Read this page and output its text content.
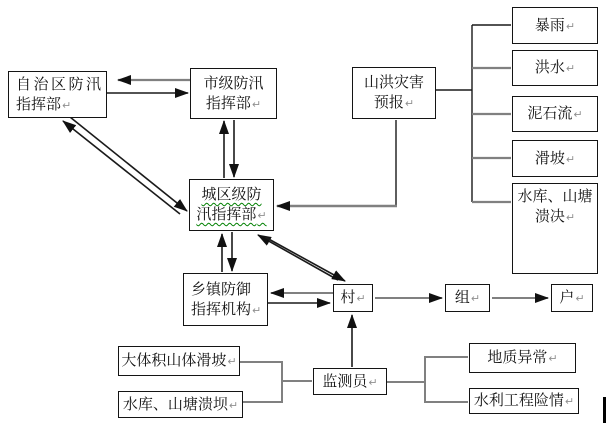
自治区防汛
指挥部↵
市级防汛
指挥部↵
山洪灾害
预报↵
城区级防
汛指挥部↵
乡镇防御
指挥机构↵
村↵	组↵	户↵
暴雨↵
洪水↵
泥石流↵
滑坡↵
水库、山塘
溃决↵
大体积山体滑坡↵
水库、山塘溃坝↵
监测员↵
地质异常↵
水利工程险情↵
